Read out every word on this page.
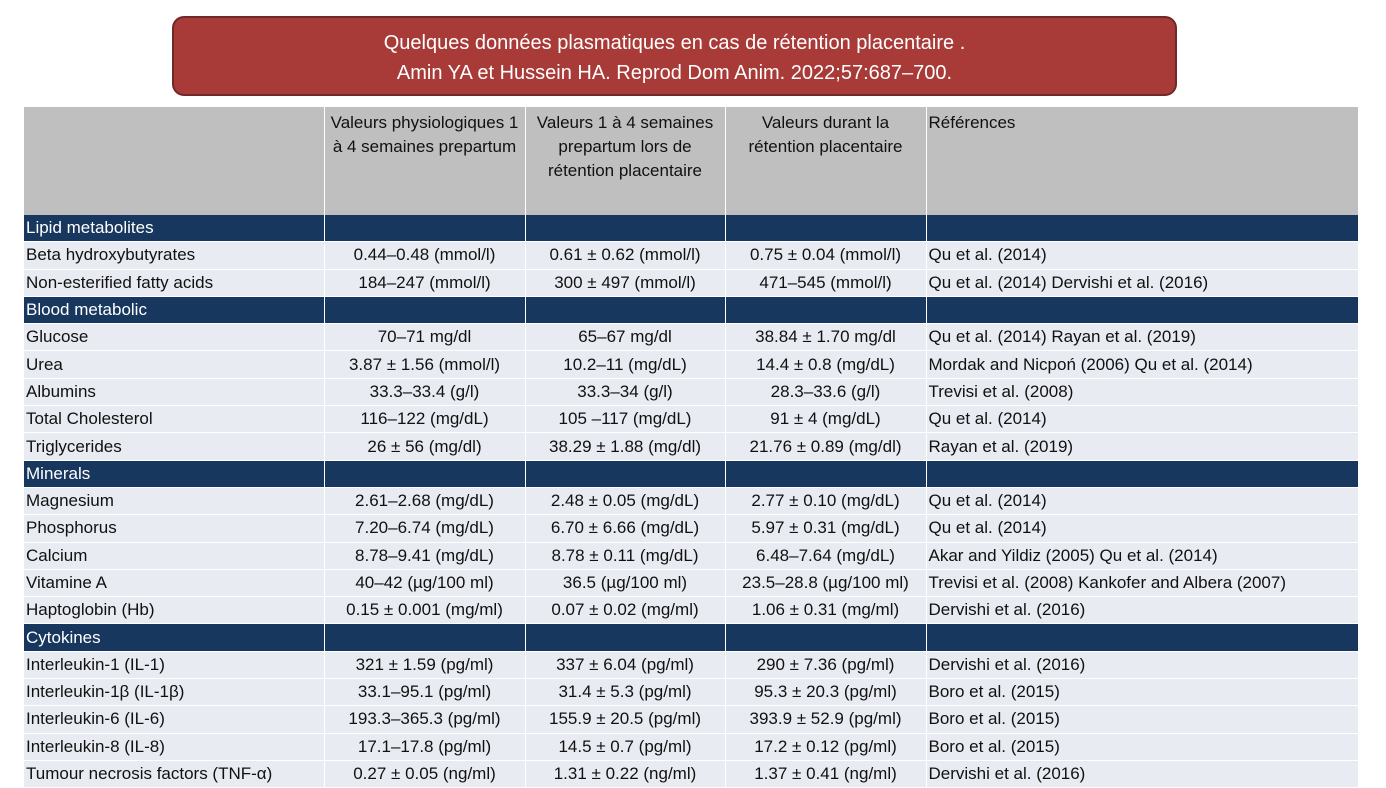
Quelques données plasmatiques en cas de rétention placentaire .
Amin YA et Hussein HA. Reprod Dom Anim. 2022;57:687–700.
	Valeurs physiologiques 1 à 4 semaines prepartum	Valeurs 1 à 4 semaines prepartum lors de rétention placentaire	Valeurs durant la rétention placentaire	Références
Lipid metabolites				
Beta hydroxybutyrates	0.44–0.48 (mmol/l)	0.61 ± 0.62 (mmol/l)	0.75 ± 0.04 (mmol/l)	Qu et al. (2014)
Non-esterified fatty acids	184–247 (mmol/l)	300 ± 497 (mmol/l)	471–545 (mmol/l)	Qu et al. (2014) Dervishi et al. (2016)
Blood metabolic				
Glucose	70–71 mg/dl	65–67 mg/dl	38.84 ± 1.70 mg/dl	Qu et al. (2014) Rayan et al. (2019)
Urea	3.87 ± 1.56 (mmol/l)	10.2–11 (mg/dL)	14.4 ± 0.8 (mg/dL)	Mordak and Nicpoń (2006) Qu et al. (2014)
Albumins	33.3–33.4 (g/l)	33.3–34 (g/l)	28.3–33.6 (g/l)	Trevisi et al. (2008)
Total Cholesterol	116–122 (mg/dL)	105 –117 (mg/dL)	91 ± 4 (mg/dL)	Qu et al. (2014)
Triglycerides	26 ± 56 (mg/dl)	38.29 ± 1.88 (mg/dl)	21.76 ± 0.89 (mg/dl)	Rayan et al. (2019)
Minerals				
Magnesium	2.61–2.68 (mg/dL)	2.48 ± 0.05 (mg/dL)	2.77 ± 0.10 (mg/dL)	Qu et al. (2014)
Phosphorus	7.20–6.74 (mg/dL)	6.70 ± 6.66 (mg/dL)	5.97 ± 0.31 (mg/dL)	Qu et al. (2014)
Calcium	8.78–9.41 (mg/dL)	8.78 ± 0.11 (mg/dL)	6.48–7.64 (mg/dL)	Akar and Yildiz (2005) Qu et al. (2014)
Vitamine A	40–42 (µg/100 ml)	36.5 (µg/100 ml)	23.5–28.8 (µg/100 ml)	Trevisi et al. (2008) Kankofer and Albera (2007)
Haptoglobin (Hb)	0.15 ± 0.001 (mg/ml)	0.07 ± 0.02 (mg/ml)	1.06 ± 0.31 (mg/ml)	Dervishi et al. (2016)
Cytokines				
Interleukin-1 (IL-1)	321 ± 1.59 (pg/ml)	337 ± 6.04 (pg/ml)	290 ± 7.36 (pg/ml)	Dervishi et al. (2016)
Interleukin-1β (IL-1β)	33.1–95.1 (pg/ml)	31.4 ± 5.3 (pg/ml)	95.3 ± 20.3 (pg/ml)	Boro et al. (2015)
Interleukin-6 (IL-6)	193.3–365.3 (pg/ml)	155.9 ± 20.5 (pg/ml)	393.9 ± 52.9 (pg/ml)	Boro et al. (2015)
Interleukin-8 (IL-8)	17.1–17.8 (pg/ml)	14.5 ± 0.7 (pg/ml)	17.2 ± 0.12 (pg/ml)	Boro et al. (2015)
Tumour necrosis factors (TNF-α)	0.27 ± 0.05 (ng/ml)	1.31 ± 0.22 (ng/ml)	1.37 ± 0.41 (ng/ml)	Dervishi et al. (2016)
